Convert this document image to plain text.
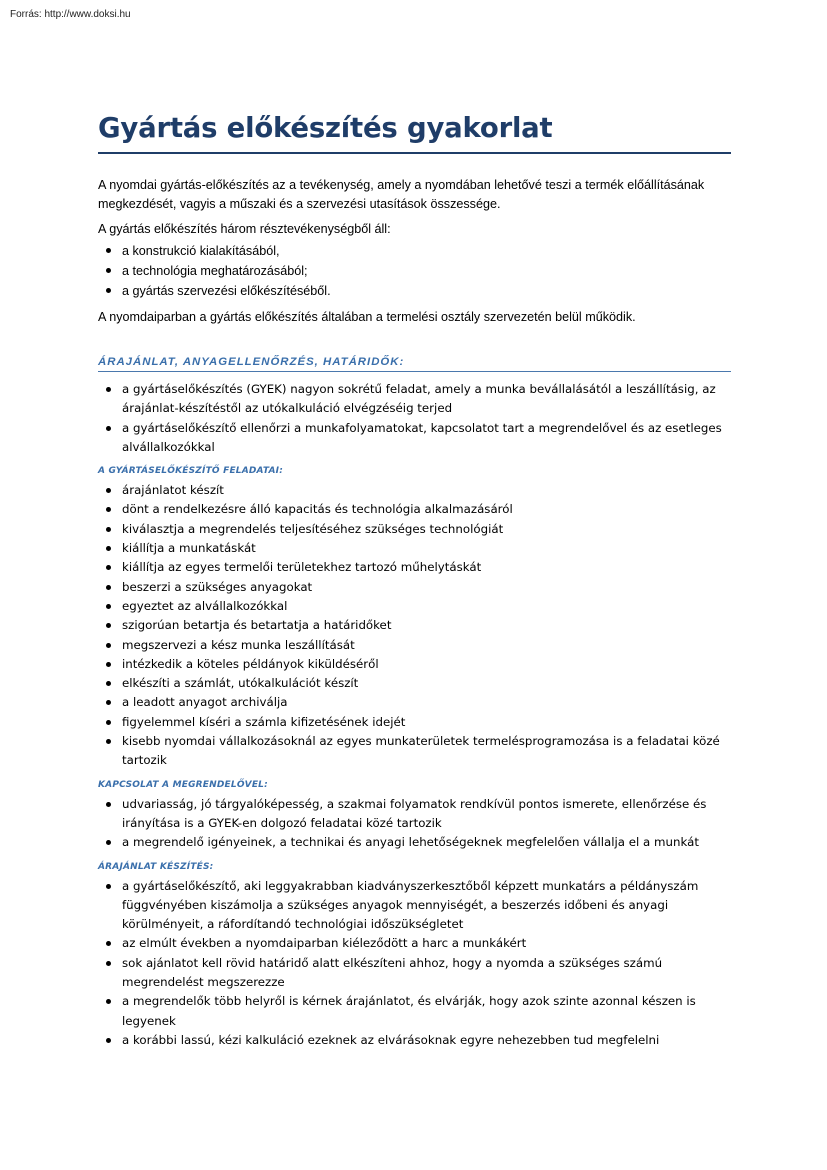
Forrás: http://www.doksi.hu
Gyártás előkészítés gyakorlat

A nyomdai gyártás-előkészítés az a tevékenység, amely a nyomdában lehetővé teszi a termék előállításának megkezdését, vagyis a műszaki és a szervezési utasítások összessége.

A gyártás előkészítés három résztevékenységből áll:

a konstrukció kialakításából,
a technológia meghatározásából;
a gyártás szervezési előkészítéséből.

A nyomdaiparban a gyártás előkészítés általában a termelési osztály szervezetén belül működik.

ÁRAJÁNLAT, ANYAGELLENŐRZÉS, HATÁRIDŐK:
a gyártáselőkészítés (GYEK) nagyon sokrétű feladat, amely a munka bevállalásától a leszállításig, az árajánlat-készítéstől az utókalkuláció elvégzéséig terjed
a gyártáselőkészítő ellenőrzi a munkafolyamatokat, kapcsolatot tart a megrendelővel és az esetleges alvállalkozókkal
A GYÁRTÁSELŐKÉSZÍTŐ FELADATAI:
árajánlatot készít
dönt a rendelkezésre álló kapacitás és technológia alkalmazásáról
kiválasztja a megrendelés teljesítéséhez szükséges technológiát
kiállítja a munkatáskát
kiállítja az egyes termelői területekhez tartozó műhelytáskát
beszerzi a szükséges anyagokat
egyeztet az alvállalkozókkal
szigorúan betartja és betartatja a határidőket
megszervezi a kész munka leszállítását
intézkedik a köteles példányok kiküldéséről
elkészíti a számlát, utókalkulációt készít
a leadott anyagot archiválja
figyelemmel kíséri a számla kifizetésének idejét
kisebb nyomdai vállalkozásoknál az egyes munkaterületek termelésprogramozása is a feladatai közé tartozik
KAPCSOLAT A MEGRENDELŐVEL:
udvariasság, jó tárgyalóképesség, a szakmai folyamatok rendkívül pontos ismerete, ellenőrzése és irányítása is a GYEK-en dolgozó feladatai közé tartozik
a megrendelő igényeinek, a technikai és anyagi lehetőségeknek megfelelően vállalja el a munkát
ÁRAJÁNLAT KÉSZÍTÉS:
a gyártáselőkészítő, aki leggyakrabban kiadványszerkesztőből képzett munkatárs a példányszám függvényében kiszámolja a szükséges anyagok mennyiségét, a beszerzés időbeni és anyagi körülményeit, a ráfordítandó technológiai időszükségletet
az elmúlt években a nyomdaiparban kiéleződött a harc a munkákért
sok ajánlatot kell rövid határidő alatt elkészíteni ahhoz, hogy a nyomda a szükséges számú megrendelést megszerezze
a megrendelők több helyről is kérnek árajánlatot, és elvárják, hogy azok szinte azonnal készen is legyenek
a korábbi lassú, kézi kalkuláció ezeknek az elvárásoknak egyre nehezebben tud megfelelni
